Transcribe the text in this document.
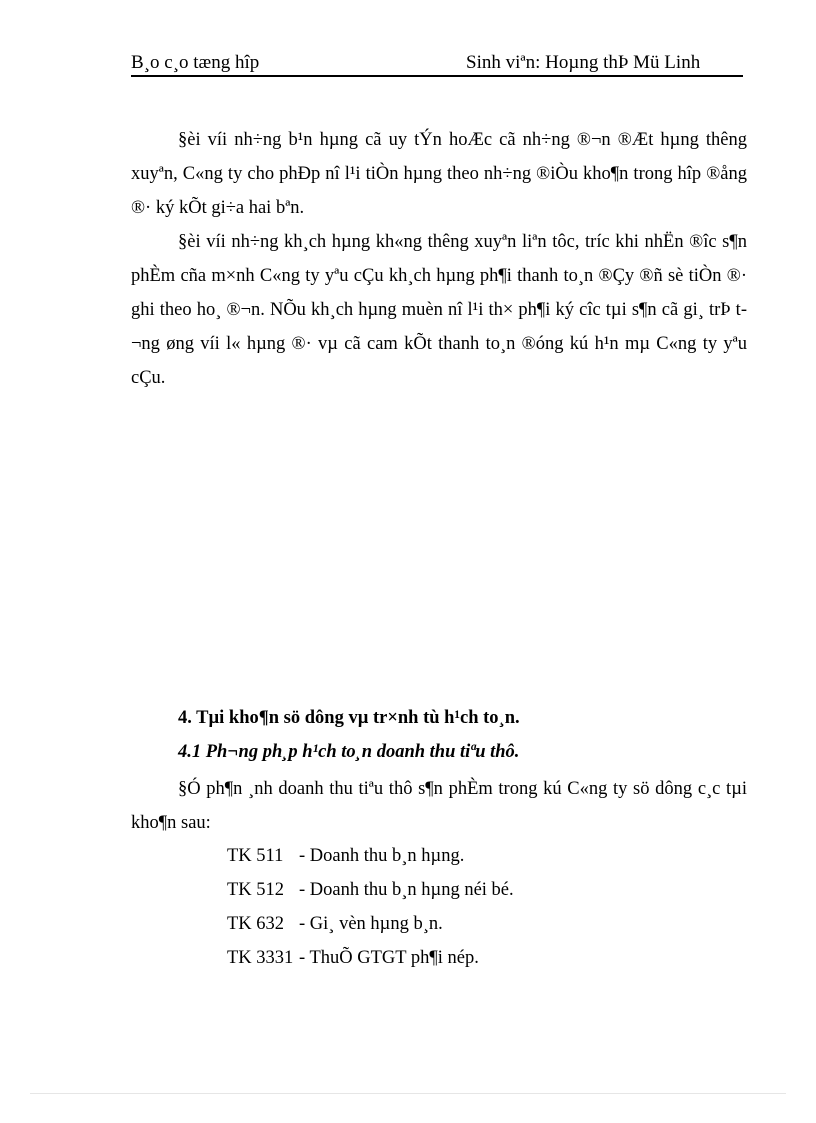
B¸o c¸o tæng hîp	Sinh viªn: Hoµng thÞ Mü Linh

§èi víi nh÷ng b¹n hµng cã uy tÝn hoÆc cã nh÷ng ®¬n ®Æt hµng thêng xuyªn, C«ng ty cho phÐp nî l¹i tiÒn hµng theo nh÷ng ®iÒu kho¶n trong hîp ®ång ®· ký kÕt gi÷a hai bªn.

§èi víi nh÷ng kh¸ch hµng kh«ng thêng xuyªn liªn tôc, tríc khi nhËn ®îc s¶n phÈm cña m×nh C«ng ty yªu cÇu kh¸ch hµng ph¶i thanh to¸n ®Çy ®ñ sè tiÒn ®· ghi theo ho¸ ®¬n. NÕu kh¸ch hµng muèn nî l¹i th× ph¶i ký cîc tµi s¶n cã gi¸ trÞ t¬ng øng víi l« hµng ®· vµ cã cam kÕt thanh to¸n ®óng kú h¹n mµ C«ng ty yªu cÇu.

4. Tµi kho¶n sö dông vµ tr×nh tù h¹ch to¸n.
4.1 Ph¬ng ph¸p h¹ch to¸n doanh thu tiªu thô.

§Ó ph¶n ¸nh doanh thu tiªu thô s¶n phÈm trong kú C«ng ty sö dông c¸c tµi kho¶n sau:

TK 511 - Doanh thu b¸n hµng.
TK 512 - Doanh thu b¸n hµng néi bé.
TK 632 - Gi¸ vèn hµng b¸n.
TK 3331 - ThuÕ GTGT ph¶i nép.
